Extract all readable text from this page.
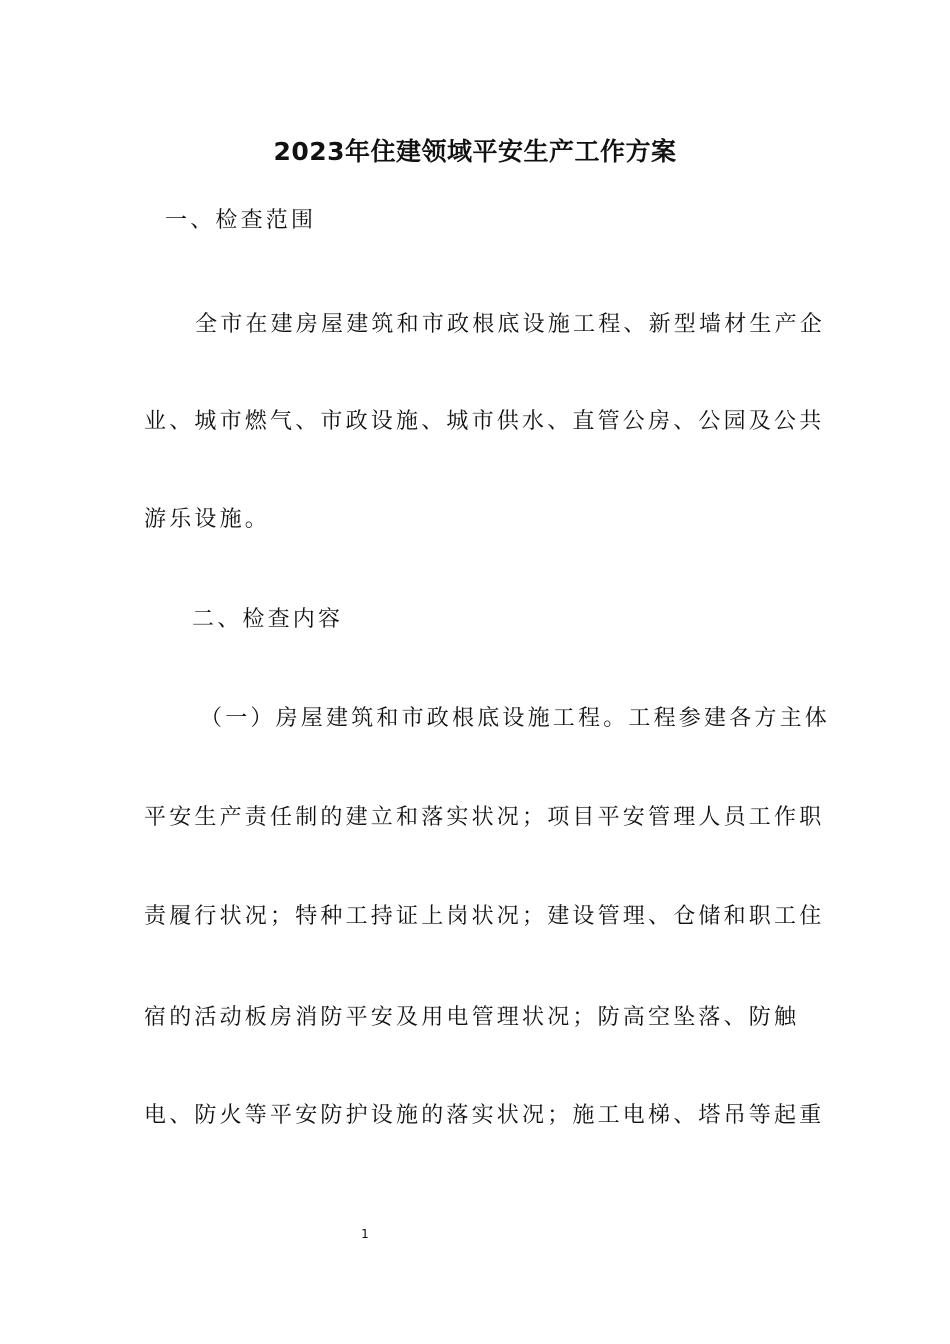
2023年住建领域平安生产工作方案
一、检查范围
全市在建房屋建筑和市政根底设施工程、新型墙材生产企
业、城市燃气、市政设施、城市供水、直管公房、公园及公共
游乐设施。
二、检查内容
（一）房屋建筑和市政根底设施工程。工程参建各方主体
平安生产责任制的建立和落实状况；项目平安管理人员工作职
责履行状况；特种工持证上岗状况；建设管理、仓储和职工住
宿的活动板房消防平安及用电管理状况；防高空坠落、防触
电、防火等平安防护设施的落实状况；施工电梯、塔吊等起重
1
